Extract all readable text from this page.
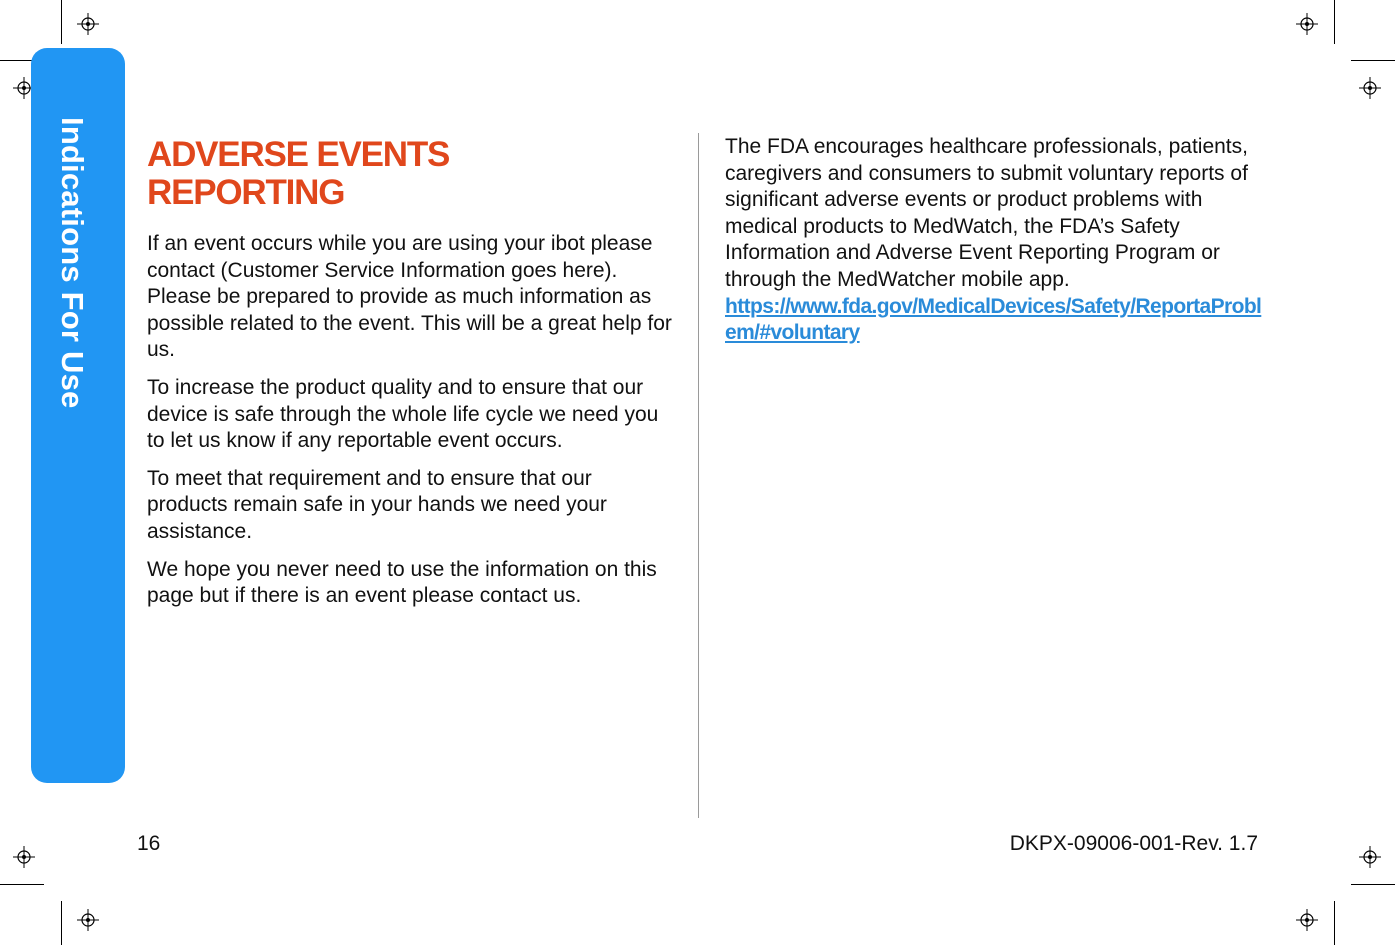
Indications For Use ADVERSE EVENTS
REPORTING

If an event occurs while you are using your ibot please contact (Customer Service Information goes here). Please be prepared to provide as much information as possible related to the event. This will be a great help for us.

To increase the product quality and to ensure that our device is safe through the whole life cycle we need you to let us know if any reportable event occurs.

To meet that requirement and to ensure that our products remain safe in your hands we need your assistance.

We hope you never need to use the information on this page but if there is an event please contact us.

The FDA encourages healthcare professionals, patients, caregivers and consumers to submit voluntary reports of significant adverse events or product problems with medical products to MedWatch, the FDA’s Safety Information and Adverse Event Reporting Program or through the MedWatcher mobile app.

https://www.fda.gov/MedicalDevices/Safety/ReportaProblem/#voluntary
16	DKPX-09006-001-Rev. 1.7
